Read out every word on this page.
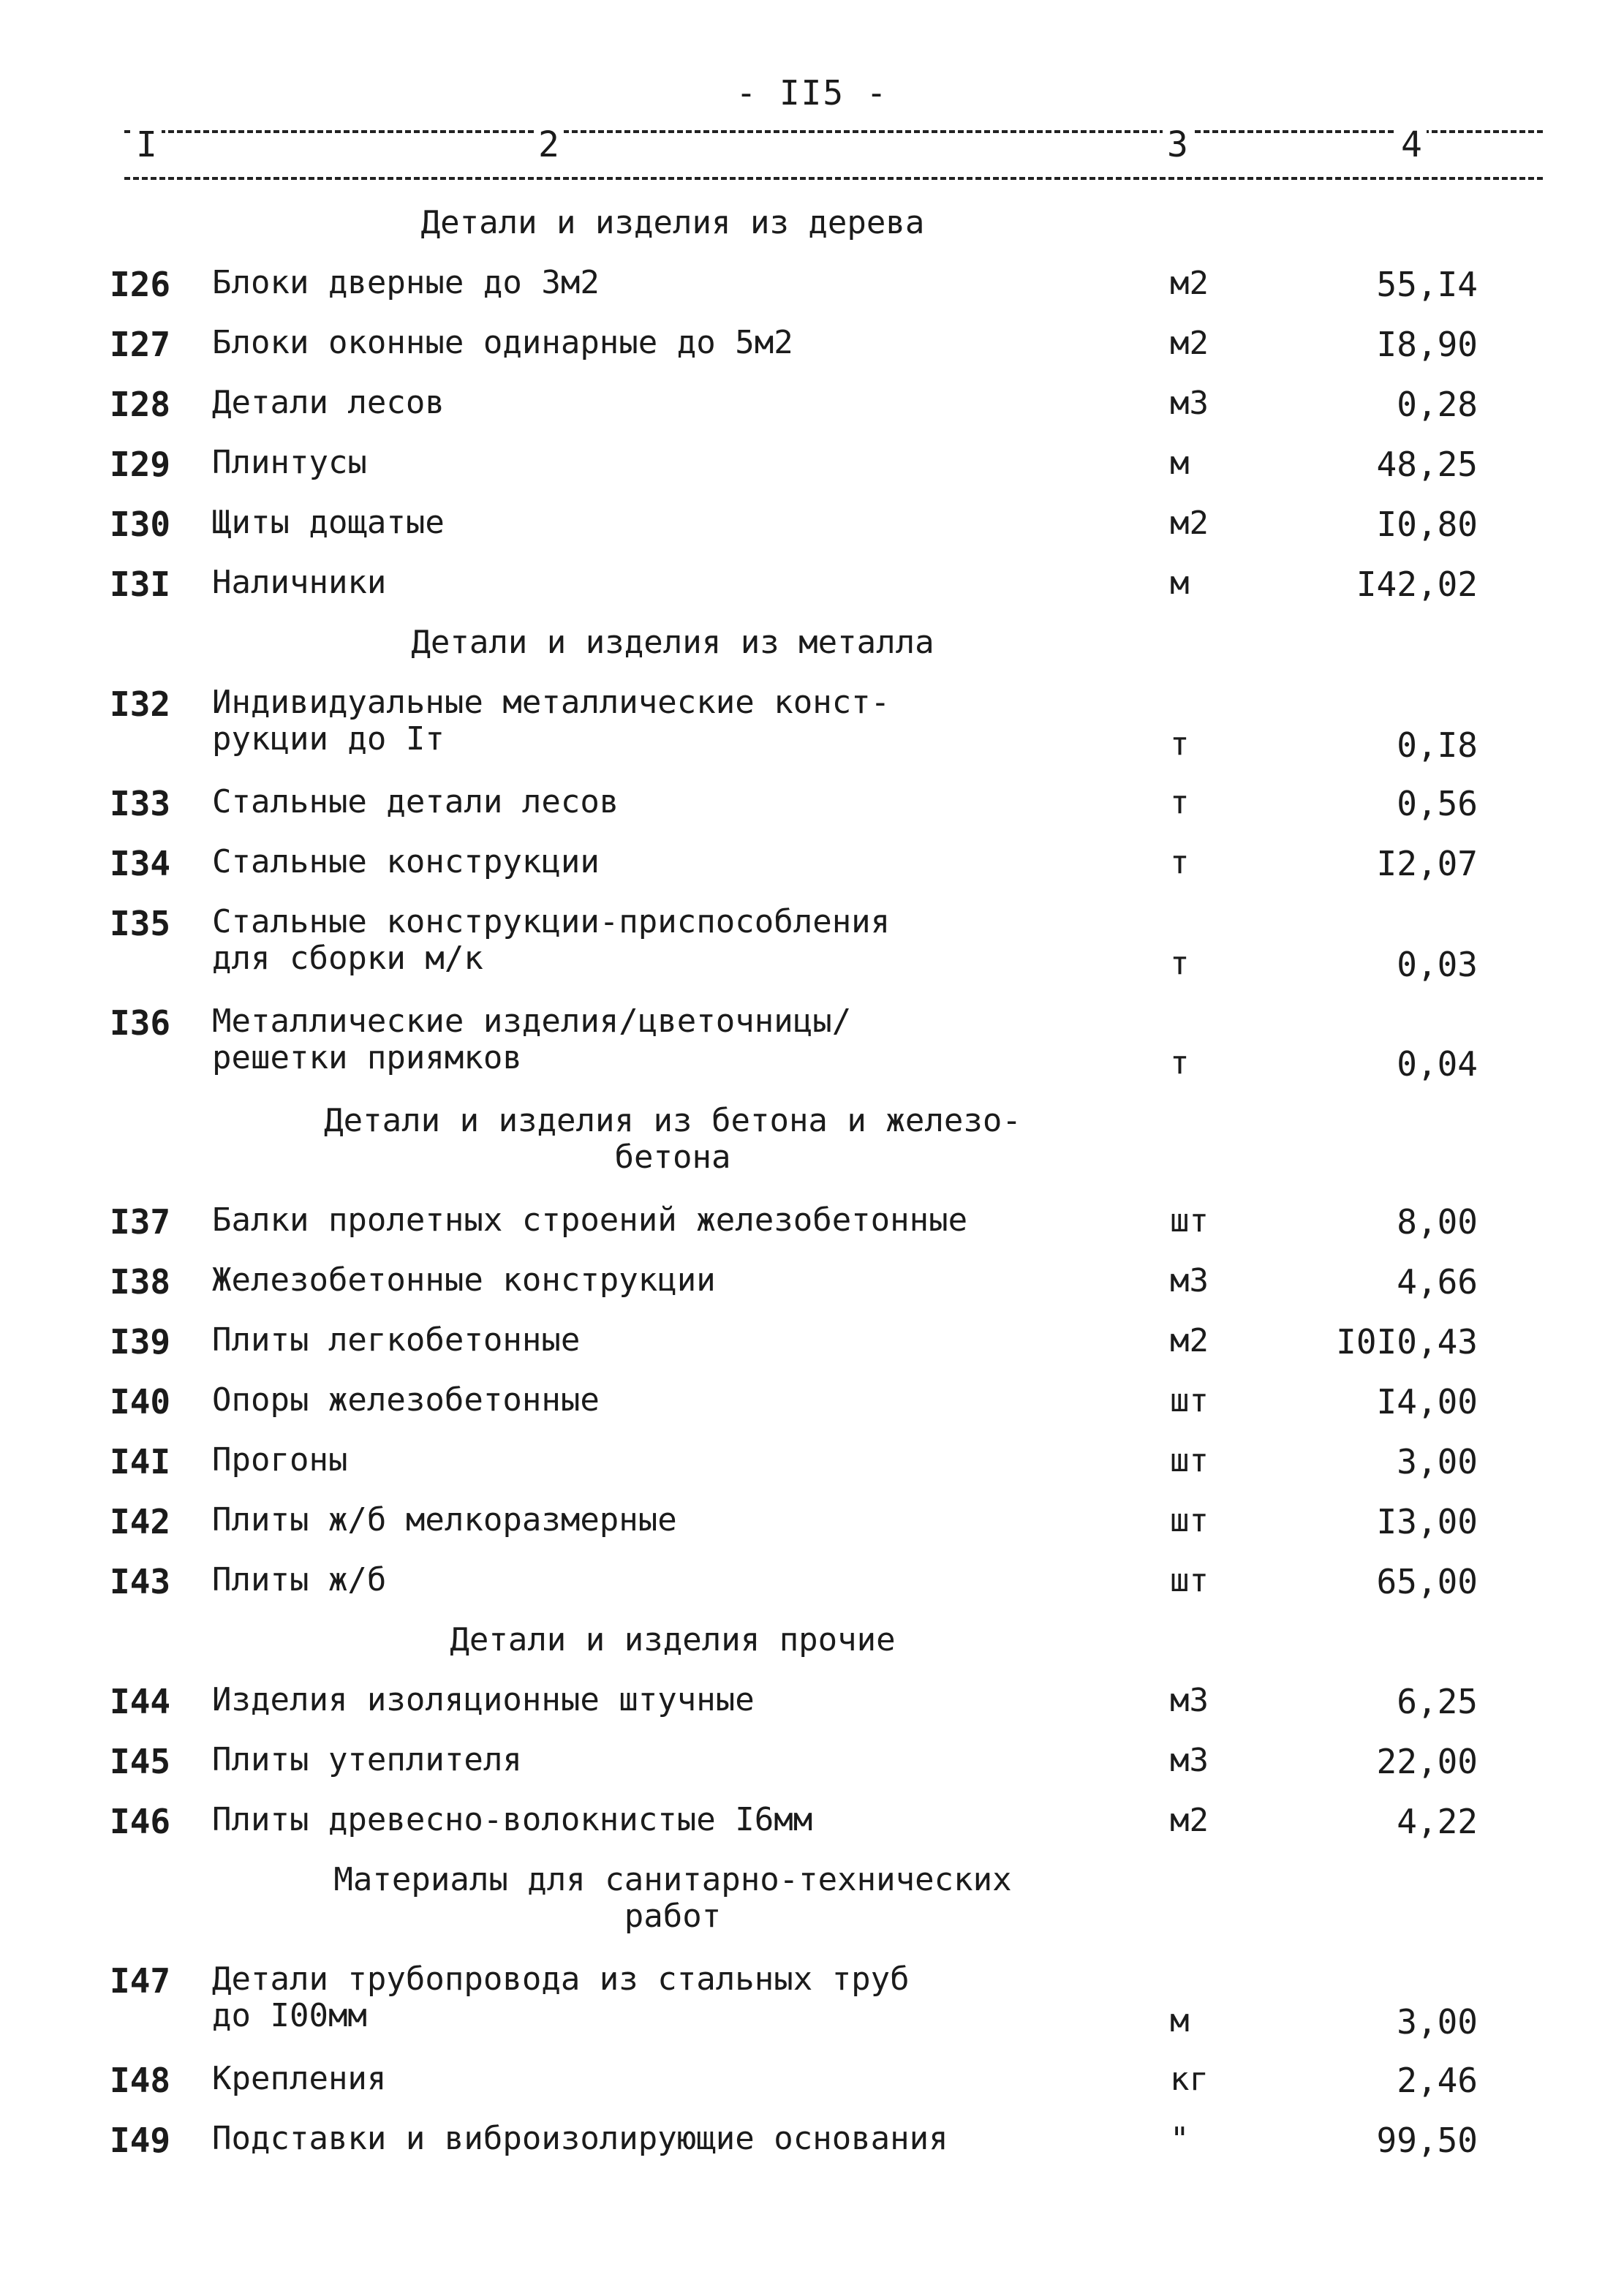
- II5 -
I	2	3	4
Детали и изделия из дерева
I26 Блоки дверные до 3м2	м2	55,I4
I27 Блоки оконные одинарные до 5м2	м2	I8,90
I28 Детали лесов	м3	0,28
I29 Плинтусы	м	48,25
I30 Щиты дощатые	м2	I0,80
I3I Наличники	м	I42,02
Детали и изделия из металла
I32 Индивидуальные металлические конст-
рукции до Iт	т	0,I8
I33 Стальные детали лесов	т	0,56
I34 Стальные конструкции	т	I2,07
I35 Стальные конструкции-приспособления
для сборки м/к	т	0,03
I36 Металлические изделия/цветочницы/
решетки приямков	т	0,04
Детали и изделия из бетона и железо-
бетона
I37 Балки пролетных строений железобетонные	шт	8,00
I38 Железобетонные конструкции	м3	4,66
I39 Плиты легкобетонные	м2	I0I0,43
I40 Опоры железобетонные	шт	I4,00
I4I Прогоны	шт	3,00
I42 Плиты ж/б мелкоразмерные	шт	I3,00
I43 Плиты ж/б	шт	65,00
Детали и изделия прочие
I44 Изделия изоляционные штучные	м3	6,25
I45 Плиты утеплителя	м3	22,00
I46 Плиты древесно-волокнистые I6мм	м2	4,22
Материалы для санитарно-технических
работ
I47 Детали трубопровода из стальных труб
до I00мм	м	3,00
I48 Крепления	кг	2,46
I49 Подставки и виброизолирующие основания	"	99,50
